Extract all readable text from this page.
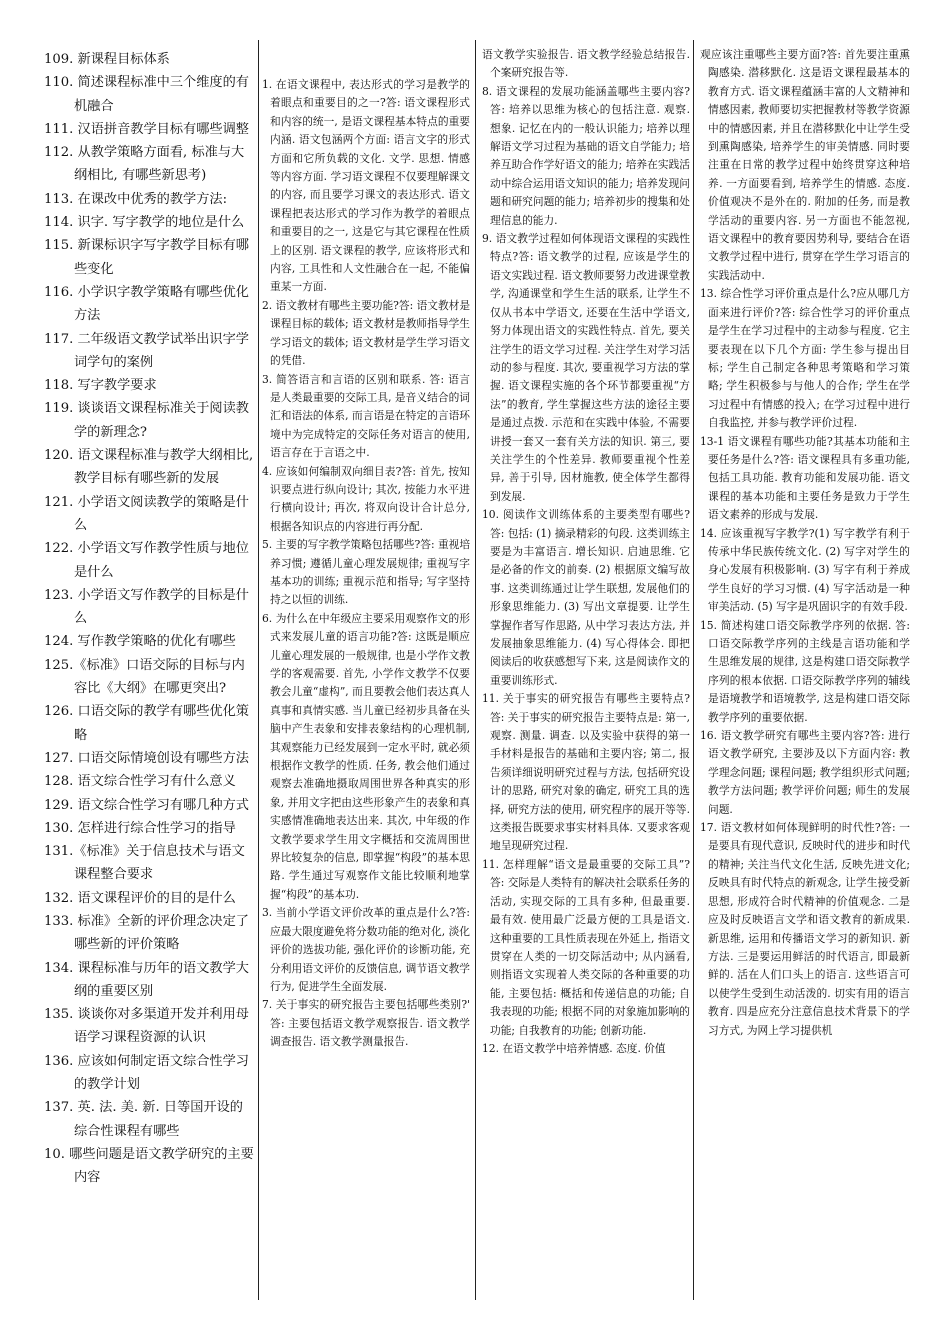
109. 新课程目标体系

110. 简述课程标准中三个维度的有机融合

111. 汉语拼音教学目标有哪些调整

112. 从教学策略方面看, 标准与大纲相比, 有哪些新思考)

113. 在课改中优秀的教学方法:

114. 识字. 写字教学的地位是什么

115. 新课标识字写字教学目标有哪些变化

116. 小学识字教学策略有哪些优化方法

117. 二年级语文教学试举出识字学词学句的案例

118. 写字教学要求

119. 谈谈语文课程标准关于阅读教学的新理念?

120. 语文课程标准与教学大纲相比, 教学目标有哪些新的发展

121. 小学语文阅读教学的策略是什么

122. 小学语文写作教学性质与地位是什么

123. 小学语文写作教学的目标是什么

124. 写作教学策略的优化有哪些

125.《标准》口语交际的目标与内容比《大纲》在哪更突出?

126. 口语交际的教学有哪些优化策略

127. 口语交际情境创设有哪些方法

128. 语文综合性学习有什么意义

129. 语文综合性学习有哪几种方式

130. 怎样进行综合性学习的指导

131.《标准》关于信息技术与语文课程整合要求

132. 语文课程评价的目的是什么

133. 标准》全新的评价理念决定了哪些新的评价策略

134. 课程标准与历年的语文教学大纲的重要区别

135. 谈谈你对多渠道开发并利用母语学习课程资源的认识

136. 应该如何制定语文综合性学习的教学计划

137. 英. 法. 美. 新. 日等国开设的综合性课程有哪些

10. 哪些问题是语文教学研究的主要内容

1. 在语文课程中, 表达形式的学习是教学的着眼点和重要目的之一?答: 语文课程形式和内容的统一, 是语文课程基本特点的重要内涵. 语文包涵两个方面: 语言文字的形式方面和它所负载的文化. 文学. 思想. 情感等内容方面. 学习语文课程不仅要理解课文的内容, 而且要学习课文的表达形式. 语文课程把表达形式的学习作为教学的着眼点和重要目的之一, 这是它与其它课程在性质上的区别. 语文课程的教学, 应该将形式和内容, 工具性和人文性融合在一起, 不能偏重某一方面.

2. 语文教材有哪些主要功能?答: 语文教材是课程目标的载体; 语文教材是教师指导学生学习语文的载体; 语文教材是学生学习语文的凭借.

3. 简答语言和言语的区别和联系. 答: 语言是人类最重要的交际工具, 是音义结合的词汇和语法的体系, 而言语是在特定的言语环境中为完成特定的交际任务对语言的使用, 语言存在于言语之中.

4. 应该如何编制双向细目表?答: 首先, 按知识要点进行纵向设计; 其次, 按能力水平进行横向设计; 再次, 将双向设计合计总分, 根据各知识点的内容进行再分配.

5. 主要的写字教学策略包括哪些?答: 重视培养习惯; 遵循儿童心理发展规律; 重视写字基本功的训练; 重视示范和指导; 写字坚持持之以恒的训练.

6. 为什么在中年级应主要采用观察作文的形式来发展儿童的语言功能?答: 这既是顺应儿童心理发展的一般规律, 也是小学作文教学的客观需要. 首先, 小学作文教学不仅要教会儿童“虚构”, 而且要教会他们表达真人真事和真情实感. 当儿童已经初步具备在头脑中产生表象和安排表象结构的心理机制, 其观察能力已经发展到一定水平时, 就必须根据作文教学的性质. 任务, 教会他们通过观察去准确地摄取周围世界各种真实的形象, 并用文字把由这些形象产生的表象和真实感情准确地表达出来. 其次, 中年级的作文教学要求学生用文字概括和交流周围世界比较复杂的信息, 即掌握“构段”的基本思路. 学生通过写观察作文能比较顺利地掌握“构段”的基本功.

3. 当前小学语文评价改革的重点是什么?答: 应最大限度避免将分数功能的绝对化, 淡化评价的选拔功能, 强化评价的诊断功能, 充分利用语文评价的反馈信息, 调节语文教学行为, 促进学生全面发展.

7. 关于事实的研究报告主要包括哪些类别?' 答: 主要包括语文教学观察报告. 语文教学调查报告. 语文教学测量报告.

语文教学实验报告. 语文教学经验总结报告. 个案研究报告等.

8. 语文课程的发展功能涵盖哪些主要内容?答: 培养以思维为核心的包括注意. 观察. 想象. 记忆在内的一般认识能力; 培养以理解语文学习过程为基础的语文自学能力; 培养互助合作学好语文的能力; 培养在实践活动中综合运用语文知识的能力; 培养发现问题和研究问题的能力; 培养初步的搜集和处理信息的能力.

9. 语文教学过程如何体现语文课程的实践性特点?答: 语文教学的过程, 应该是学生的语文实践过程. 语文教师要努力改进课堂教学, 沟通课堂和学生生活的联系, 让学生不仅从书本中学语文, 还要在生活中学语文, 努力体现出语文的实践性特点. 首先, 要关注学生的语文学习过程. 关注学生对学习活动的参与程度. 其次, 要重视学习方法的掌握. 语文课程实施的各个环节都要重视“方法”的教育, 学生掌握这些方法的途径主要是通过点拨. 示范和在实践中体验, 不需要讲授一套又一套有关方法的知识. 第三, 要关注学生的个性差异. 教师要重视个性差异, 善于引导, 因材施教, 使全体学生都得到发展.

10. 阅读作文训练体系的主要类型有哪些?答: 包括: (1) 摘录精彩的句段. 这类训练主要是为丰富语言. 增长知识. 启迪思维. 它是必备的作文的前奏. (2) 根据原文编写故事. 这类训练通过让学生联想, 发展他们的形象思维能力. (3) 写出文章提要. 让学生掌握作者写作思路, 从中学习表达方法, 并发展抽象思维能力. (4) 写心得体会. 即把阅读后的收获感想写下来, 这是阅读作文的重要训练形式.

11. 关于事实的研究报告有哪些主要特点?答: 关于事实的研究报告主要特点是: 第一, 观察. 测量. 调查. 以及实验中获得的第一手材料是报告的基础和主要内容; 第二, 报告须详细说明研究过程与方法, 包括研究设计的思路, 研究对象的确定, 研究工具的选择, 研究方法的使用, 研究程序的展开等等. 这类报告既要求事实材料具体. 又要求客观地呈现研究过程.

11. 怎样理解“语文是最重要的交际工具”?答: 交际是人类特有的解决社会联系任务的活动, 实现交际的工具有多种, 但最重要. 最有效. 使用最广泛最方便的工具是语文. 这种重要的工具性质表现在外延上, 指语文贯穿在人类的一切交际活动中; 从内涵看, 则指语文实现着人类交际的各种重要的功能, 主要包括: 概括和传递信息的功能; 自我表现的功能; 根据不同的对象施加影响的功能; 自我教育的功能; 创新功能.

12. 在语文教学中培养情感. 态度. 价值

观应该注重哪些主要方面?答: 首先要注重熏陶感染. 潜移默化. 这是语文课程最基本的教育方式. 语文课程蕴涵丰富的人文精神和情感因素, 教师要切实把握教材等教学资源中的情感因素, 并且在潜移默化中让学生受到熏陶感染, 培养学生的审美情感. 同时要注重在日常的教学过程中始终贯穿这种培养. 一方面要看到, 培养学生的情感. 态度. 价值观决不是外在的. 附加的任务, 而是教学活动的重要内容. 另一方面也不能忽视, 语文课程中的教育要因势利导, 要结合在语文教学过程中进行, 贯穿在学生学习语言的实践活动中.

13. 综合性学习评价重点是什么?应从哪几方面来进行评价?答: 综合性学习的评价重点是学生在学习过程中的主动参与程度. 它主要表现在以下几个方面: 学生参与提出目标; 学生自己制定各种思考策略和学习策略; 学生积极参与与他人的合作; 学生在学习过程中有情感的投入; 在学习过程中进行自我监控, 并参与教学评价过程.

13-1 语文课程有哪些功能?其基本功能和主要任务是什么?答: 语文课程具有多重功能, 包括工具功能. 教育功能和发展功能. 语文课程的基本功能和主要任务是致力于学生语文素养的形成与发展.

14. 应该重视写字教学?(1) 写字教学有利于传承中华民族传统文化. (2) 写字对学生的身心发展有积极影响. (3) 写字有利于养成学生良好的学习习惯. (4) 写字活动是一种审美活动. (5) 写字是巩固识字的有效手段.

15. 简述构建口语交际教学序列的依据. 答: 口语交际教学序列的主线是言语功能和学生思维发展的规律, 这是构建口语交际教学序列的根本依据. 口语交际教学序列的辅线是语境教学和语境教学, 这是构建口语交际教学序列的重要依据.

16. 语文教学研究有哪些主要内容?答: 进行语文教学研究, 主要涉及以下方面内容: 教学理念问题; 课程问题; 教学组织形式问题; 教学方法问题; 教学评价问题; 师生的发展问题.

17. 语文教材如何体现鲜明的时代性?答: 一是要具有现代意识, 反映时代的进步和时代的精神; 关注当代文化生活, 反映先进文化; 反映具有时代特点的新观念, 让学生接受新思想, 形成符合时代精神的价值观念. 二是应及时反映语言文学和语文教育的新成果. 新思维, 运用和传播语文学习的新知识. 新方法. 三是要运用鲜活的时代语言, 即最新鲜的. 活在人们口头上的语言. 这些语言可以使学生受到生动活泼的. 切实有用的语言教育. 四是应充分注意信息技术背景下的学习方式, 为网上学习提供机
